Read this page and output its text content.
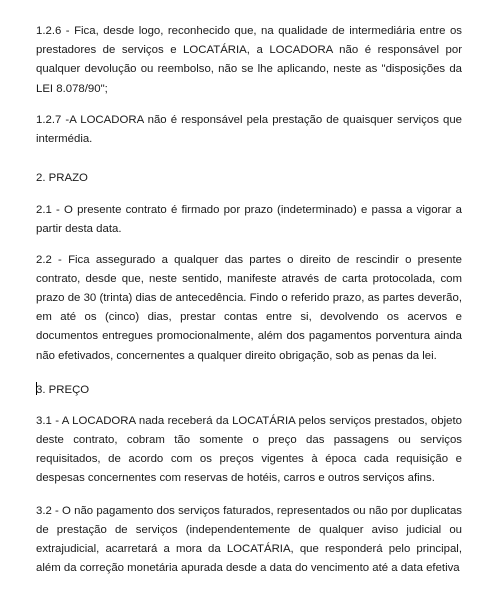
1.2.6 - Fica, desde logo, reconhecido que, na qualidade de intermediária entre os prestadores de serviços e LOCATÁRIA, a LOCADORA não é responsável por qualquer devolução ou reembolso, não se lhe aplicando, neste as "disposições da LEI 8.078/90";

1.2.7 -A LOCADORA não é responsável pela prestação de quaisquer serviços que intermédia.

2. PRAZO

2.1 - O presente contrato é firmado por prazo (indeterminado) e passa a vigorar a partir desta data.

2.2 - Fica assegurado a qualquer das partes o direito de rescindir o presente contrato, desde que, neste sentido, manifeste através de carta protocolada, com prazo de 30 (trinta) dias de antecedência. Findo o referido prazo, as partes deverão, em até os (cinco) dias, prestar contas entre si, devolvendo os acervos e documentos entregues promocionalmente, além dos pagamentos porventura ainda não efetivados, concernentes a qualquer direito obrigação, sob as penas da lei.

3. PREÇO

3.1 - A LOCADORA nada receberá da LOCATÁRIA pelos serviços prestados, objeto deste contrato, cobram tão somente o preço das passagens ou serviços requisitados, de acordo com os preços vigentes à época cada requisição e despesas concernentes com reservas de hotéis, carros e outros serviços afins.

3.2 - O não pagamento dos serviços faturados, representados ou não por duplicatas de prestação de serviços (independentemente de qualquer aviso judicial ou extrajudicial, acarretará a mora da LOCATÁRIA, que responderá pelo principal, além da correção monetária apurada desde a data do vencimento até a data efetiva
